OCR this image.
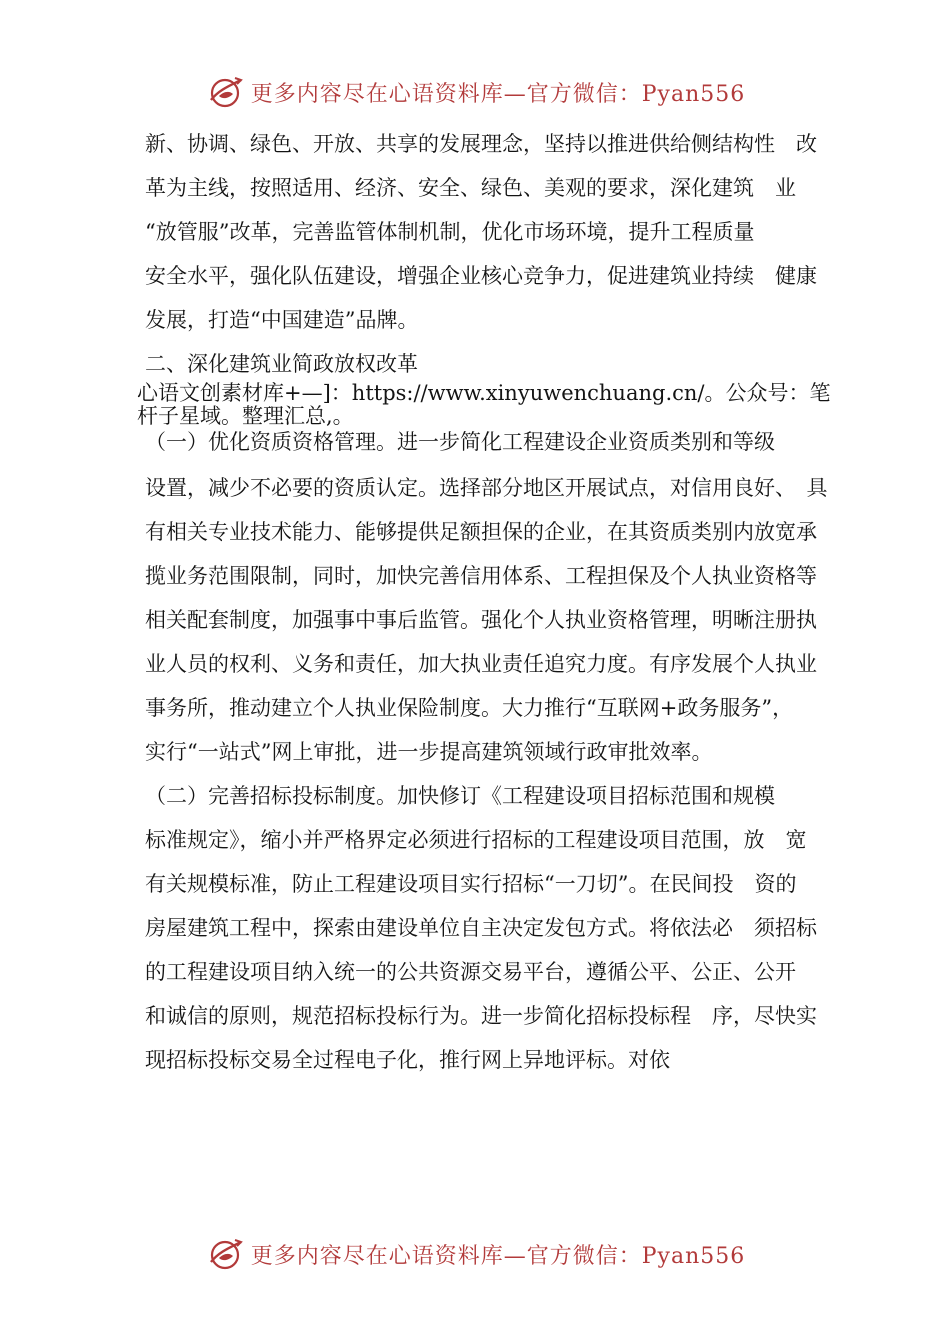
更多内容尽在心语资料库—官方微信：Pyan556
新、协调、绿色、开放、共享的发展理念，坚持以推进供给侧结构性　改
革为主线，按照适用、经济、安全、绿色、美观的要求，深化建筑　业
“放管服”改革，完善监管体制机制，优化市场环境，提升工程质量
安全水平，强化队伍建设，增强企业核心竞争力，促进建筑业持续　健康
发展，打造“中国建造”品牌。
二、深化建筑业简政放权改革
心语文创素材库+—]：https://www.xinyuwenchuang.cn/。公众号：笔
杆子星域。整理汇总,。
（一）优化资质资格管理。进一步简化工程建设企业资质类别和等级
设置，减少不必要的资质认定。选择部分地区开展试点，对信用良好、　具
有相关专业技术能力、能够提供足额担保的企业，在其资质类别内放宽承
揽业务范围限制，同时，加快完善信用体系、工程担保及个人执业资格等
相关配套制度，加强事中事后监管。强化个人执业资格管理，明晰注册执
业人员的权利、义务和责任，加大执业责任追究力度。有序发展个人执业
事务所，推动建立个人执业保险制度。大力推行“互联网+政务服务”，
实行“一站式”网上审批，进一步提高建筑领域行政审批效率。
（二）完善招标投标制度。加快修订《工程建设项目招标范围和规模
标准规定》，缩小并严格界定必须进行招标的工程建设项目范围，放　宽
有关规模标准，防止工程建设项目实行招标“一刀切”。在民间投　资的
房屋建筑工程中，探索由建设单位自主决定发包方式。将依法必　须招标
的工程建设项目纳入统一的公共资源交易平台，遵循公平、公正、公开
和诚信的原则，规范招标投标行为。进一步简化招标投标程　序，尽快实
现招标投标交易全过程电子化，推行网上异地评标。对依
更多内容尽在心语资料库—官方微信：Pyan556
